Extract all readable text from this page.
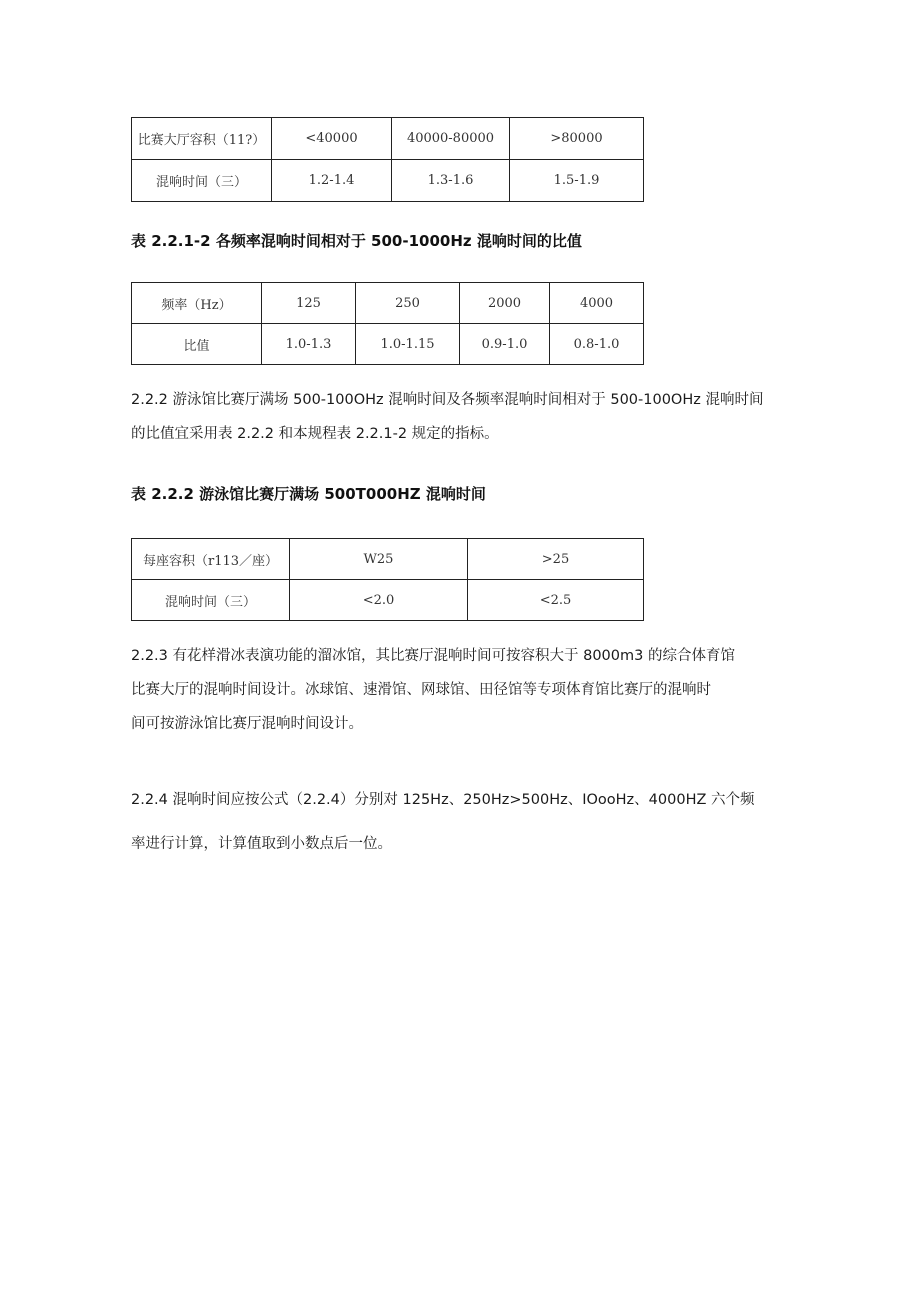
比赛大厅容积（11?）	<40000	40000-80000	>80000
混响时间（三）	1.2-1.4	1.3-1.6	1.5-1.9
表 2.2.1-2 各频率混响时间相对于 500-1000Hz 混响时间的比值
频率（Hz）	125	250	2000	4000
比值	1.0-1.3	1.0-1.15	0.9-1.0	0.8-1.0
2.2.2 游泳馆比赛厅满场 500-100OHz 混响时间及各频率混响时间相对于 500-100OHz 混响时间
的比值宜采用表 2.2.2 和本规程表 2.2.1-2 规定的指标。
表 2.2.2 游泳馆比赛厅满场 500T000HZ 混响时间
每座容积（r113／座）	W25	>25
混响时间（三）	<2.0	<2.5
2.2.3 有花样滑冰表演功能的溜冰馆，其比赛厅混响时间可按容积大于 8000m3 的综合体育馆
比赛大厅的混响时间设计。冰球馆、速滑馆、网球馆、田径馆等专项体育馆比赛厅的混响时
间可按游泳馆比赛厅混响时间设计。
2.2.4 混响时间应按公式（2.2.4）分别对 125Hz、250Hz>500Hz、IOooHz、4000HZ 六个频
率进行计算，计算值取到小数点后一位。
